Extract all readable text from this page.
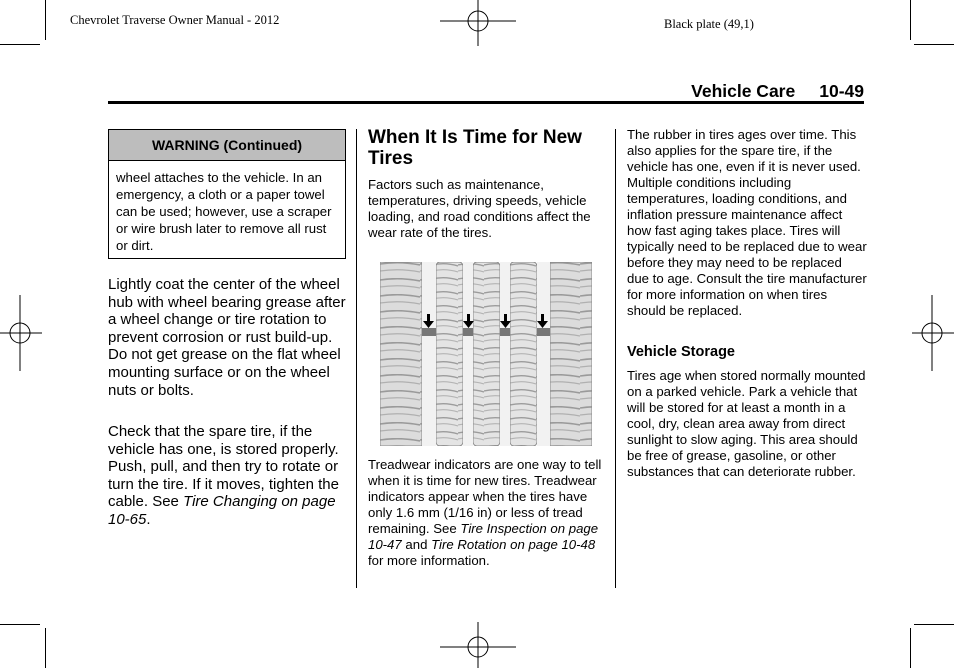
Chevrolet Traverse Owner Manual - 2012	Black plate (49,1)
Vehicle Care 10-49
WARNING (Continued)
wheel attaches to the vehicle. In an emergency, a cloth or a paper towel can be used; however, use a scraper or wire brush later to remove all rust or dirt.

Lightly coat the center of the wheel hub with wheel bearing grease after a wheel change or tire rotation to prevent corrosion or rust build-up. Do not get grease on the flat wheel mounting surface or on the wheel nuts or bolts.

Check that the spare tire, if the vehicle has one, is stored properly. Push, pull, and then try to rotate or turn the tire. If it moves, tighten the cable. See Tire Changing on page 10-65.

When It Is Time for New Tires

Factors such as maintenance, temperatures, driving speeds, vehicle loading, and road conditions affect the wear rate of the tires.

Treadwear indicators are one way to tell when it is time for new tires. Treadwear indicators appear when the tires have only 1.6 mm (1/16 in) or less of tread remaining. See Tire Inspection on page 10-47 and Tire Rotation on page 10-48 for more information.

The rubber in tires ages over time. This also applies for the spare tire, if the vehicle has one, even if it is never used. Multiple conditions including temperatures, loading conditions, and inflation pressure maintenance affect how fast aging takes place. Tires will typically need to be replaced due to wear before they may need to be replaced due to age. Consult the tire manufacturer for more information on when tires should be replaced.

Vehicle Storage

Tires age when stored normally mounted on a parked vehicle. Park a vehicle that will be stored for at least a month in a cool, dry, clean area away from direct sunlight to slow aging. This area should be free of grease, gasoline, or other substances that can deteriorate rubber.
